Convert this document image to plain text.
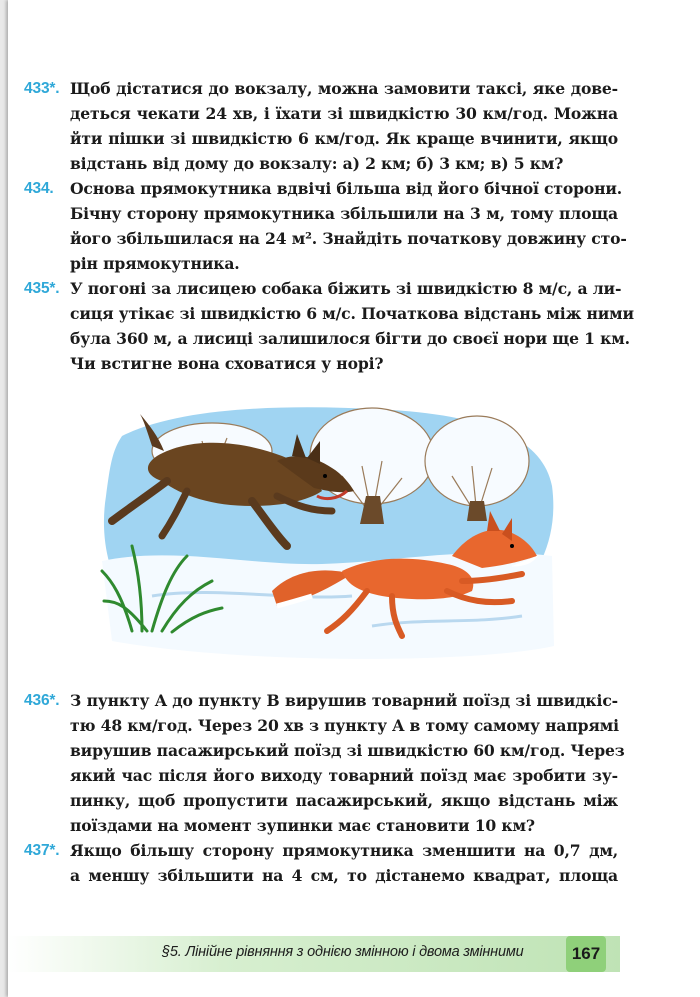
433*. Щоб дістатися до вокзалу, можна замовити таксі, яке дове-
деться чекати 24 хв, і їхати зі швидкістю 30 км/год. Можна
йти пішки зі швидкістю 6 км/год. Як краще вчинити, якщо
відстань від дому до вокзалу: а) 2 км; б) 3 км; в) 5 км?
434. Основа прямокутника вдвічі більша від його бічної сторони.
Бічну сторону прямокутника збільшили на 3 м, тому площа
його збільшилася на 24 м². Знайдіть початкову довжину сто-
рін прямокутника.
435*. У погоні за лисицею собака біжить зі швидкістю 8 м/с, а ли-
сиця утікає зі швидкістю 6 м/с. Початкова відстань між ними
була 360 м, а лисиці залишилося бігти до своєї нори ще 1 км.
Чи встигне вона сховатися у норі?
436*. З пункту A до пункту B вирушив товарний поїзд зі швидкіс-
тю 48 км/год. Через 20 хв з пункту A в тому самому напрямі
вирушив пасажирський поїзд зі швидкістю 60 км/год. Через
який час після його виходу товарний поїзд має зробити зу-
пинку, щоб пропустити пасажирський, якщо відстань між
поїздами на момент зупинки має становити 10 км?
437*. Якщо більшу сторону прямокутника зменшити на 0,7 дм,
а меншу збільшити на 4 см, то дістанемо квадрат, площа
§5. Лінійне рівняння з однією змінною і двома змінними	167
